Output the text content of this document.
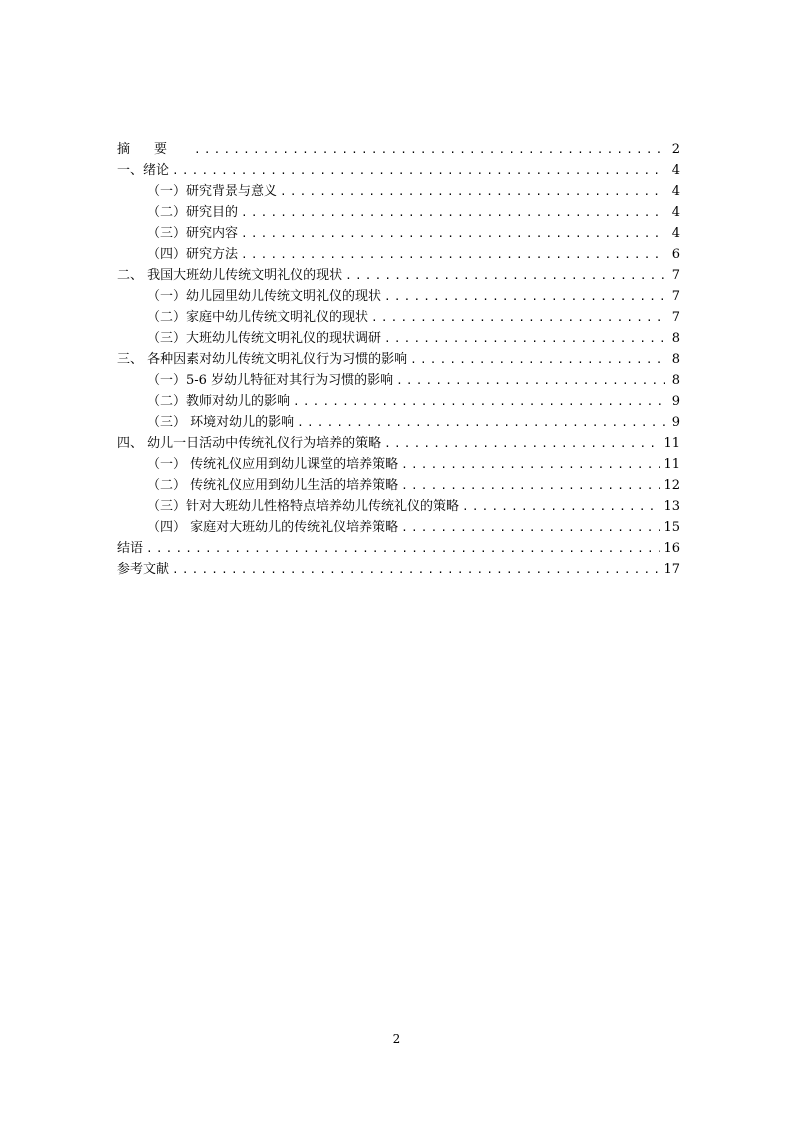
摘要 .....	2
一、绪论 .....	4
（一）研究背景与意义 .....	4
（二）研究目的 .....	4
（三）研究内容 .....	4
（四）研究方法 .....	6
二、 我国大班幼儿传统文明礼仪的现状 .....	7
（一）幼儿园里幼儿传统文明礼仪的现状 .....	7
（二）家庭中幼儿传统文明礼仪的现状 .....	7
（三）大班幼儿传统文明礼仪的现状调研 .....	8
三、 各种因素对幼儿传统文明礼仪行为习惯的影响 .....	8
（一）5-6 岁幼儿特征对其行为习惯的影响 .....	8
（二）教师对幼儿的影响 .....	9
（三） 环境对幼儿的影响 .....	9
四、 幼儿一日活动中传统礼仪行为培养的策略 .....	11
（一） 传统礼仪应用到幼儿课堂的培养策略 .....	11
（二） 传统礼仪应用到幼儿生活的培养策略 .....	12
（三）针对大班幼儿性格特点培养幼儿传统礼仪的策略 .....	13
（四） 家庭对大班幼儿的传统礼仪培养策略 .....	15
结语 .....	16
参考文献 .....	17
2
